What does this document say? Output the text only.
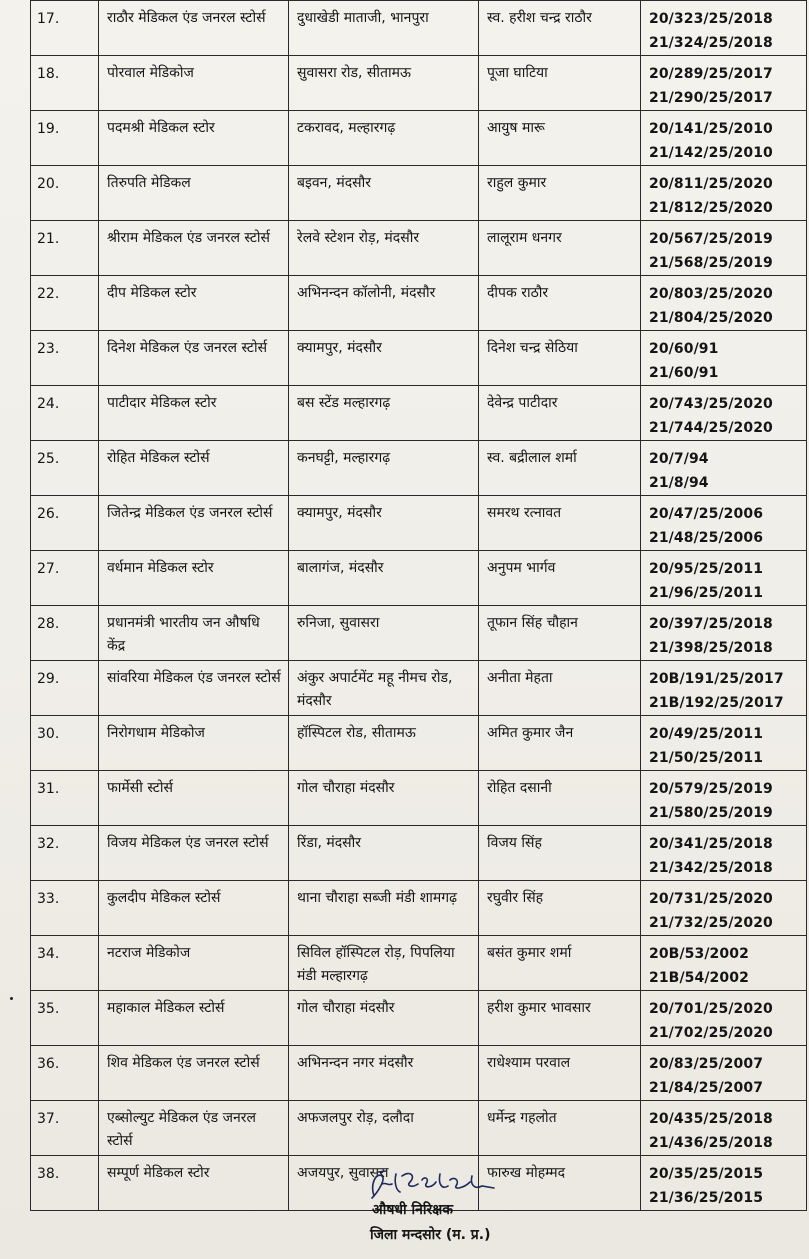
17.	राठौर मेडिकल एंड जनरल स्टोर्स	दुधाखेडी माताजी, भानपुरा	स्व. हरीश चन्द्र राठौर	20/323/25/2018
21/324/25/2018

18.	पोरवाल मेडिकोज	सुवासरा रोड, सीतामऊ	पूजा घाटिया	20/289/25/2017
21/290/25/2017

19.	पदमश्री मेडिकल स्टोर	टकरावद, मल्हारगढ़	आयुष मारू	20/141/25/2010
21/142/25/2010

20.	तिरुपति मेडिकल	बइवन, मंदसौर	राहुल कुमार	20/811/25/2020
21/812/25/2020

21.	श्रीराम मेडिकल एंड जनरल स्टोर्स	रेलवे स्टेशन रोड़, मंदसौर	लालूराम धनगर	20/567/25/2019
21/568/25/2019

22.	दीप मेडिकल स्टोर	अभिनन्दन कॉलोनी, मंदसौर	दीपक राठौर	20/803/25/2020
21/804/25/2020

23.	दिनेश मेडिकल एंड जनरल स्टोर्स	क्यामपुर, मंदसौर	दिनेश चन्द्र सेठिया	20/60/91
21/60/91

24.	पाटीदार मेडिकल स्टोर	बस स्टेंड मल्हारगढ़	देवेन्द्र पाटीदार	20/743/25/2020
21/744/25/2020

25.	रोहित मेडिकल स्टोर्स	कनघट्टी, मल्हारगढ़	स्व. बद्रीलाल शर्मा	20/7/94
21/8/94

26.	जितेन्द्र मेडिकल एंड जनरल स्टोर्स	क्यामपुर, मंदसौर	समरथ रत्नावत	20/47/25/2006
21/48/25/2006

27.	वर्धमान मेडिकल स्टोर	बालागंज, मंदसौर	अनुपम भार्गव	20/95/25/2011
21/96/25/2011

28.	प्रधानमंत्री भारतीय जन औषधि केंद्र	रुनिजा, सुवासरा	तूफान सिंह चौहान	20/397/25/2018
21/398/25/2018

29.	सांवरिया मेडिकल एंड जनरल स्टोर्स	अंकुर अपार्टमेंट महू नीमच रोड, मंदसौर	अनीता मेहता	20B/191/25/2017
21B/192/25/2017

30.	निरोगधाम मेडिकोज	हॉस्पिटल रोड, सीतामऊ	अमित कुमार जैन	20/49/25/2011
21/50/25/2011

31.	फार्मेसी स्टोर्स	गोल चौराहा मंदसौर	रोहित दसानी	20/579/25/2019
21/580/25/2019

32.	विजय मेडिकल एंड जनरल स्टोर्स	रिंडा, मंदसौर	विजय सिंह	20/341/25/2018
21/342/25/2018

33.	कुलदीप मेडिकल स्टोर्स	थाना चौराहा सब्जी मंडी शामगढ़	रघुवीर सिंह	20/731/25/2020
21/732/25/2020

34.	नटराज मेडिकोज	सिविल हॉस्पिटल रोड़, पिपलिया मंडी मल्हारगढ़	बसंत कुमार शर्मा	20B/53/2002
21B/54/2002

35.	महाकाल मेडिकल स्टोर्स	गोल चौराहा मंदसौर	हरीश कुमार भावसार	20/701/25/2020
21/702/25/2020

36.	शिव मेडिकल एंड जनरल स्टोर्स	अभिनन्दन नगर मंदसौर	राधेश्याम परवाल	20/83/25/2007
21/84/25/2007

37.	एब्सोल्युट मेडिकल एंड जनरल स्टोर्स	अफजलपुर रोड़, दलौदा	धर्मेन्द्र गहलोत	20/435/25/2018
21/436/25/2018

38.	सम्पूर्ण मेडिकल स्टोर	अजयपुर, सुवासरा	फारुख मोहम्मद	20/35/25/2015
21/36/25/2015
औषधी निरिक्षक
जिला मन्दसोर (म. प्र.)
